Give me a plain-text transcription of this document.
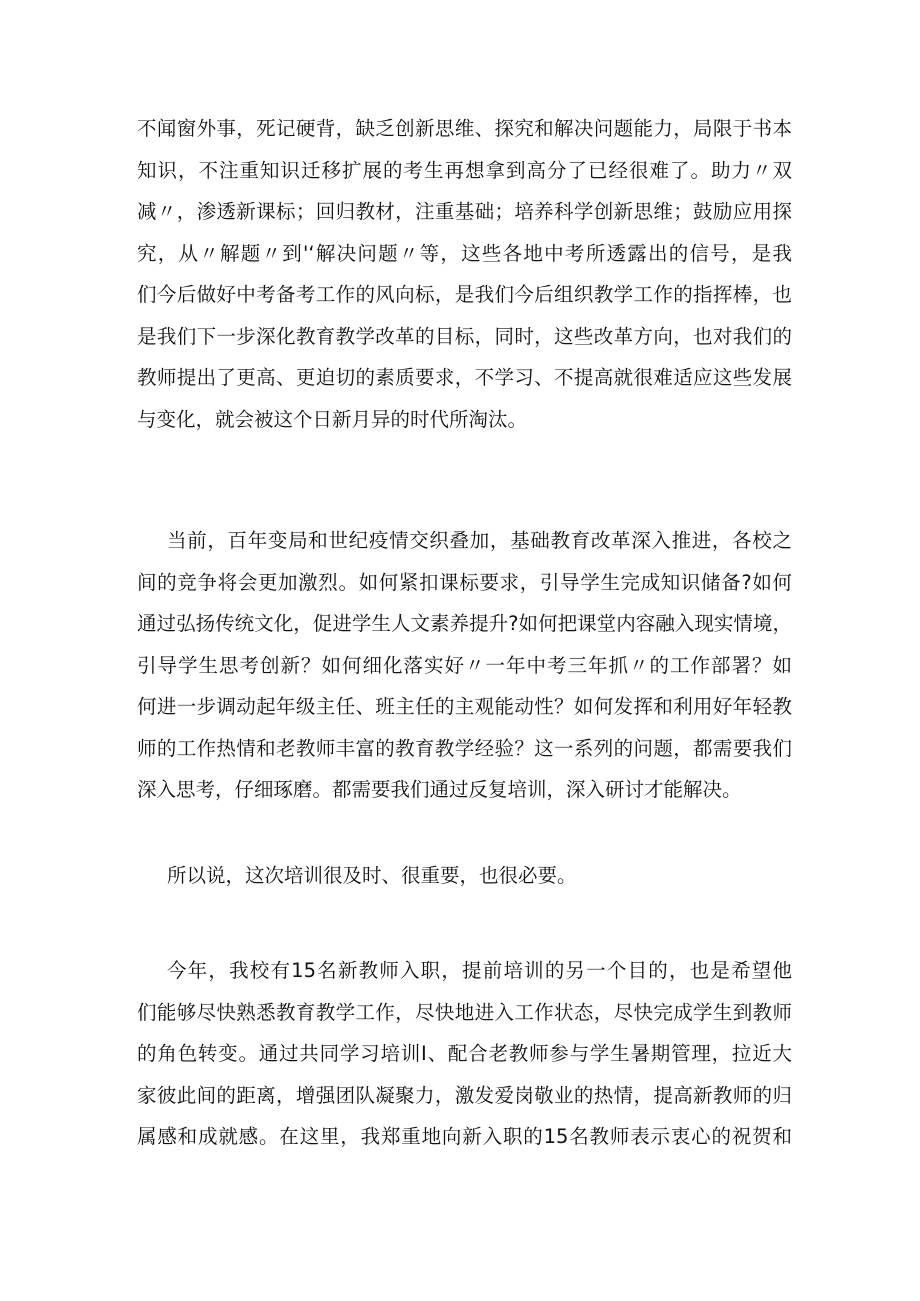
不闻窗外事，死记硬背，缺乏创新思维、探究和解决问题能力，局限于书本
知识，不注重知识迁移扩展的考生再想拿到高分了已经很难了。助力〃双
减〃，渗透新课标；回归教材，注重基础；培养科学创新思维；鼓励应用探
究，从〃解题〃到'‘解决问题〃等，这些各地中考所透露出的信号，是我
们今后做好中考备考工作的风向标，是我们今后组织教学工作的指挥棒，也
是我们下一步深化教育教学改革的目标，同时，这些改革方向，也对我们的
教师提出了更高、更迫切的素质要求，不学习、不提高就很难适应这些发展
与变化，就会被这个日新月异的时代所淘汰。
当前，百年变局和世纪疫情交织叠加，基础教育改革深入推进，各校之
间的竞争将会更加激烈。如何紧扣课标要求，引导学生完成知识储备?如何
通过弘扬传统文化，促进学生人文素养提升?如何把课堂内容融入现实情境，
引导学生思考创新？如何细化落实好〃一年中考三年抓〃的工作部署？如
何进一步调动起年级主任、班主任的主观能动性？如何发挥和利用好年轻教
师的工作热情和老教师丰富的教育教学经验？这一系列的问题，都需要我们
深入思考，仔细琢磨。都需要我们通过反复培训，深入研讨才能解决。
所以说，这次培训很及时、很重要，也很必要。
今年，我校有15名新教师入职，提前培训的另一个目的，也是希望他
们能够尽快熟悉教育教学工作，尽快地进入工作状态，尽快完成学生到教师
的角色转变。通过共同学习培训I、配合老教师参与学生暑期管理，拉近大
家彼此间的距离，增强团队凝聚力，激发爱岗敬业的热情，提高新教师的归
属感和成就感。在这里，我郑重地向新入职的15名教师表示衷心的祝贺和
